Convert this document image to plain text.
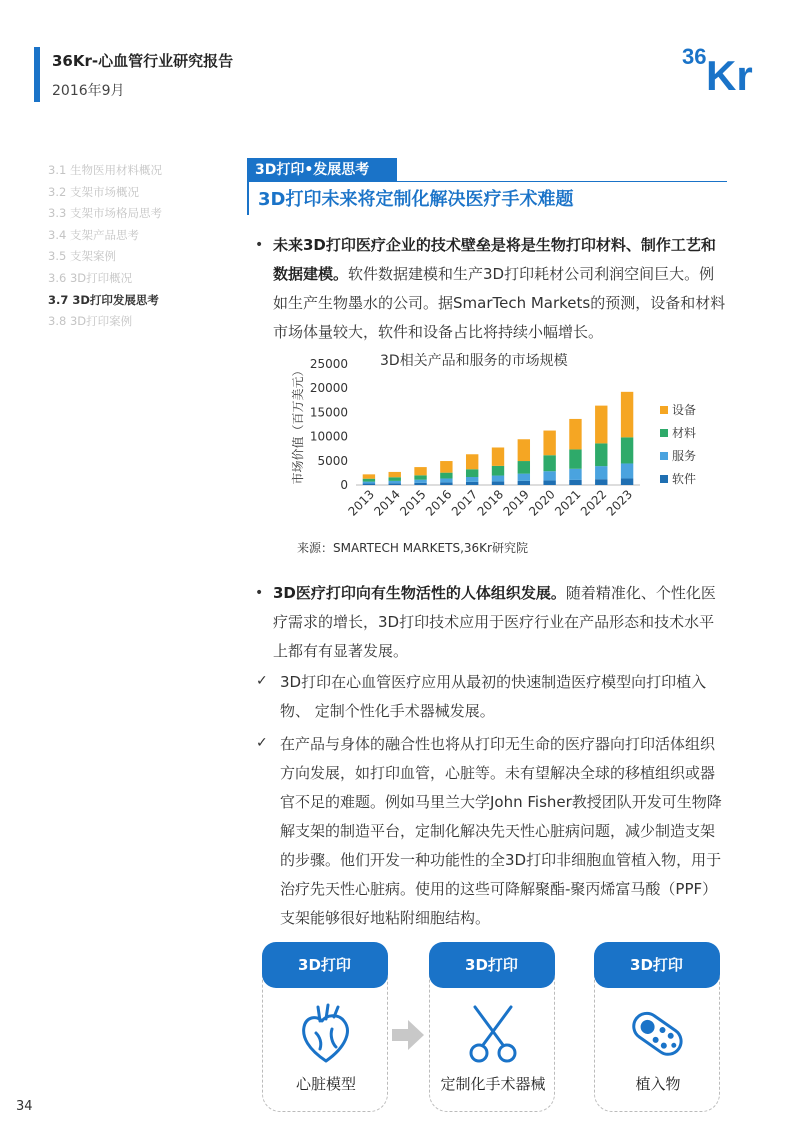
36Kr-心血管行业研究报告
2016年9月
36 Kr
3.1 生物医用材料概况
3.2 支架市场概况
3.3 支架市场格局思考
3.4 支架产品思考
3.5 支架案例
3.6 3D打印概况
3.7 3D打印发展思考
3.8 3D打印案例
3D打印•发展思考
3D打印未来将定制化解决医疗手术难题
• 未来3D打印医疗企业的技术壁垒是将是生物打印材料、制作工艺和数据建模。软件数据建模和生产3D打印耗材公司利润空间巨大。例如生产生物墨水的公司。据SmarTech Markets的预测，设备和材料市场体量较大，软件和设备占比将持续小幅增长。
3D相关产品和服务的市场规模
市场价值（百万美元）
0
5000
10000
15000
20000
25000
2013
2014
2015
2016
2017
2018
2019
2020
2021
2022
2023
设备
材料
服务
软件
来源：SMARTECH MARKETS,36Kr研究院
• 3D医疗打印向有生物活性的人体组织发展。随着精准化、个性化医疗需求的增长，3D打印技术应用于医疗行业在产品形态和技术水平上都有有显著发展。
✓ 3D打印在心血管医疗应用从最初的快速制造医疗模型向打印植入物、 定制个性化手术器械发展。
✓ 在产品与身体的融合性也将从打印无生命的医疗器向打印活体组织方向发展，如打印血管，心脏等。未有望解决全球的移植组织或器官不足的难题。例如马里兰大学John Fisher教授团队开发可生物降解支架的制造平台，定制化解决先天性心脏病问题，减少制造支架的步骤。他们开发一种功能性的全3D打印非细胞血管植入物，用于治疗先天性心脏病。使用的这些可降解聚酯-聚丙烯富马酸（PPF）支架能够很好地粘附细胞结构。
3D打印
心脏模型
3D打印
定制化手术器械
3D打印
植入物
34
